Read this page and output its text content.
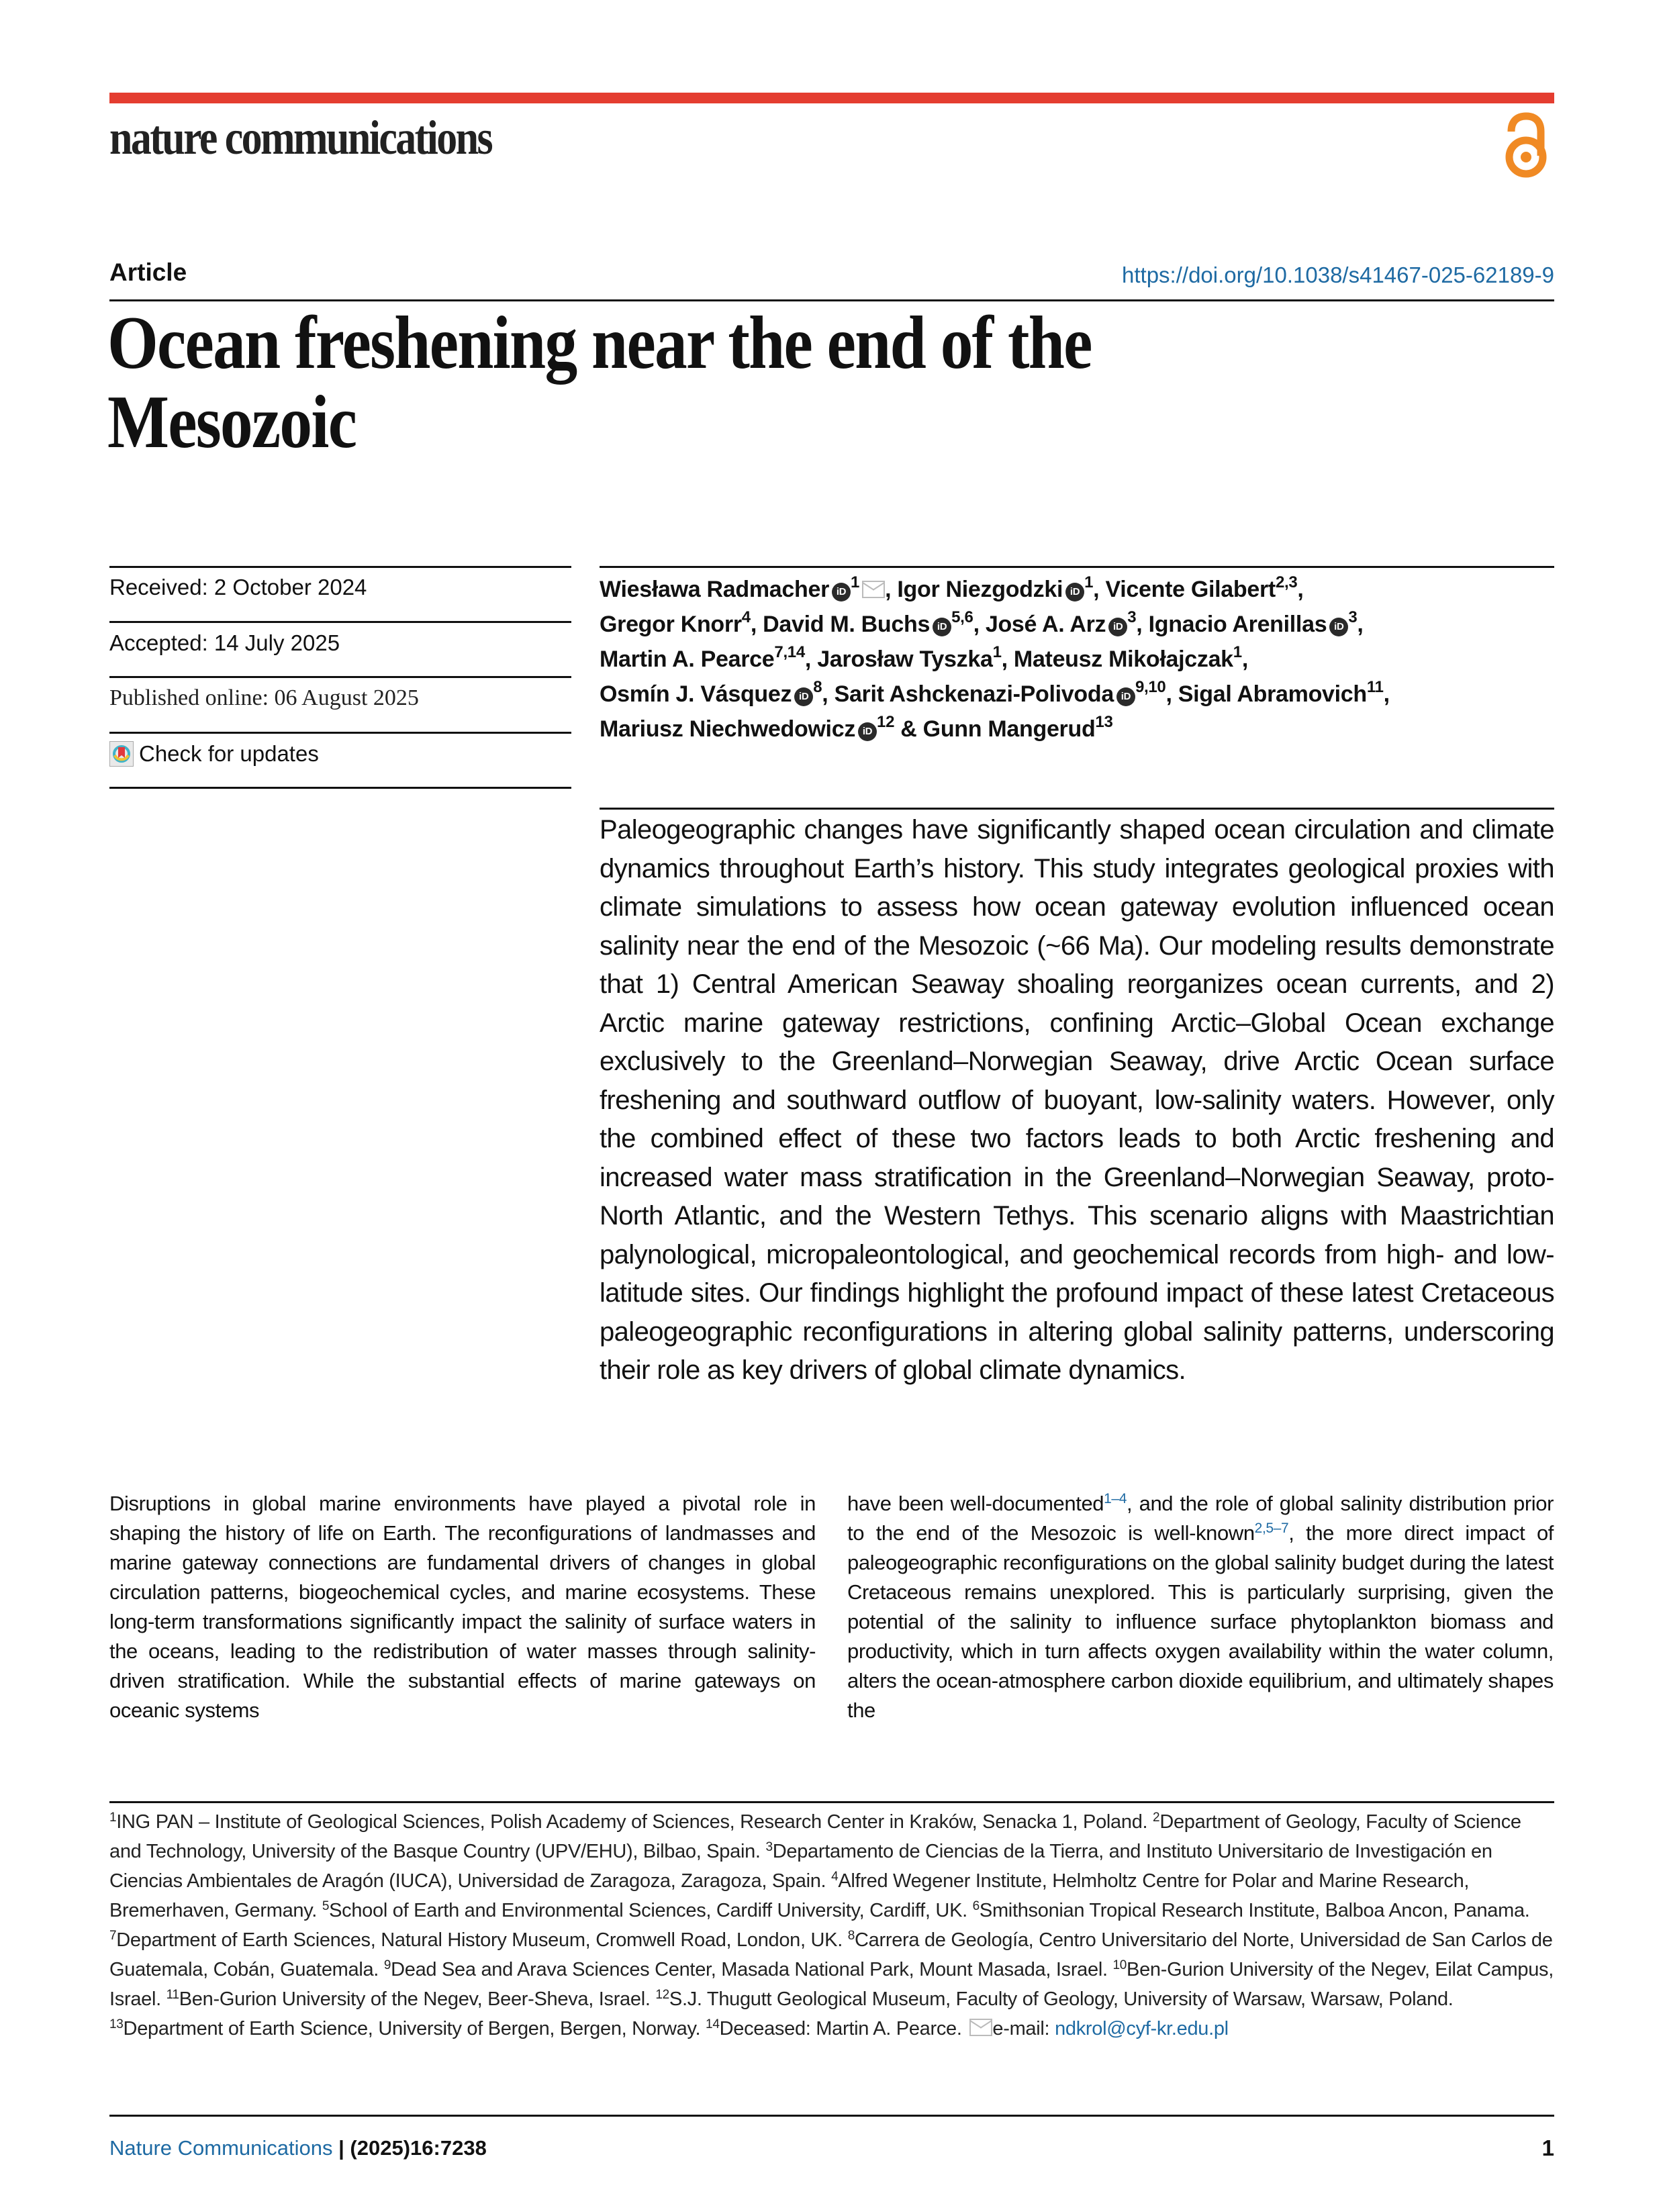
nature communications
Article	https://doi.org/10.1038/s41467-025-62189-9
Ocean freshening near the end of the Mesozoic
Received: 2 October 2024
Accepted: 14 July 2025
Published online: 06 August 2025
Check for updates
Wiesława Radmacher $iD^1$ , Igor Niezgodzki $iD^1$, Vicente Gilabert$^{2,3}$,
Gregor Knorr$^4$, David M. Buchs iD$^{5,6}$, José A. Arz $iD^3$, Ignacio Arenillas $iD^3$,
Martin A. Pearce$^{7,14}$, Jarosław Tyszka$^1$, Mateusz Mikołajczak$^1$,
Osmín J. Vásquez $iD^8$, Sarit Ashckenazi-Polivoda iD$^{9,10}$, Sigal Abramovich$^{11}$,
Mariusz Niechwedowicz $iD^{12}$ & Gunn Mangerud$^{13}$

Paleogeographic changes have significantly shaped ocean circulation and climate dynamics throughout Earth’s history. This study integrates geological proxies with climate simulations to assess how ocean gateway evolution influenced ocean salinity near the end of the Mesozoic (~66 Ma). Our modeling results demonstrate that 1) Central American Seaway shoaling reorganizes ocean currents, and 2) Arctic marine gateway restrictions, confining Arctic–Global Ocean exchange exclusively to the Greenland–Norwegian Seaway, drive Arctic Ocean surface freshening and southward outflow of buoyant, low-salinity waters. However, only the combined effect of these two factors leads to both Arctic freshening and increased water mass stratification in the Greenland–Norwegian Seaway, proto-North Atlantic, and the Western Tethys. This scenario aligns with Maastrichtian palynological, micropaleontological, and geochemical records from high- and low-latitude sites. Our findings highlight the profound impact of these latest Cretaceous paleogeographic reconfigurations in altering global salinity patterns, underscoring their role as key drivers of global climate dynamics.

Disruptions in global marine environments have played a pivotal role in shaping the history of life on Earth. The reconfigurations of landmasses and marine gateway connections are fundamental drivers of changes in global circulation patterns, biogeochemical cycles, and marine ecosystems. These long-term transformations significantly impact the salinity of surface waters in the oceans, leading to the redistribution of water masses through salinity-driven stratification. While the substantial effects of marine gateways on oceanic systems

have been well-documented$^{1-4}$, and the role of global salinity distribution prior to the end of the Mesozoic is well-known$^{2,5-7}$, the more direct impact of paleogeographic reconfigurations on the global salinity budget during the latest Cretaceous remains unexplored. This is particularly surprising, given the potential of the salinity to influence surface phytoplankton biomass and productivity, which in turn affects oxygen availability within the water column, alters the ocean-atmosphere carbon dioxide equilibrium, and ultimately shapes the

$^1$ING PAN – Institute of Geological Sciences, Polish Academy of Sciences, Research Center in Kraków, Senacka 1, Poland. $^2$Department of Geology, Faculty of Science and Technology, University of the Basque Country (UPV/EHU), Bilbao, Spain. $^3$Departamento de Ciencias de la Tierra, and Instituto Universitario de Investigación en Ciencias Ambientales de Aragón (IUCA), Universidad de Zaragoza, Zaragoza, Spain. $^4$Alfred Wegener Institute, Helmholtz Centre for Polar and Marine Research, Bremerhaven, Germany. $^5$School of Earth and Environmental Sciences, Cardiff University, Cardiff, UK. $^6$Smithsonian Tropical Research Institute, Balboa Ancon, Panama. $^7$Department of Earth Sciences, Natural History Museum, Cromwell Road, London, UK. $^8$Carrera de Geología, Centro Universitario del Norte, Universidad de San Carlos de Guatemala, Cobán, Guatemala. $^9$Dead Sea and Arava Sciences Center, Masada National Park, Mount Masada, Israel. $^{10}$Ben-Gurion University of the Negev, Eilat Campus, Israel. $^{11}$Ben-Gurion University of the Negev, Beer-Sheva, Israel. $^{12}$S.J. Thugutt Geological Museum, Faculty of Geology, University of Warsaw, Warsaw, Poland. $^{13}$Department of Earth Science, University of Bergen, Bergen, Norway. $^{14}$Deceased: Martin A. Pearce. e-mail: ndkrol@cyf-kr.edu.pl
Nature Communications | (2025)16:7238	1
